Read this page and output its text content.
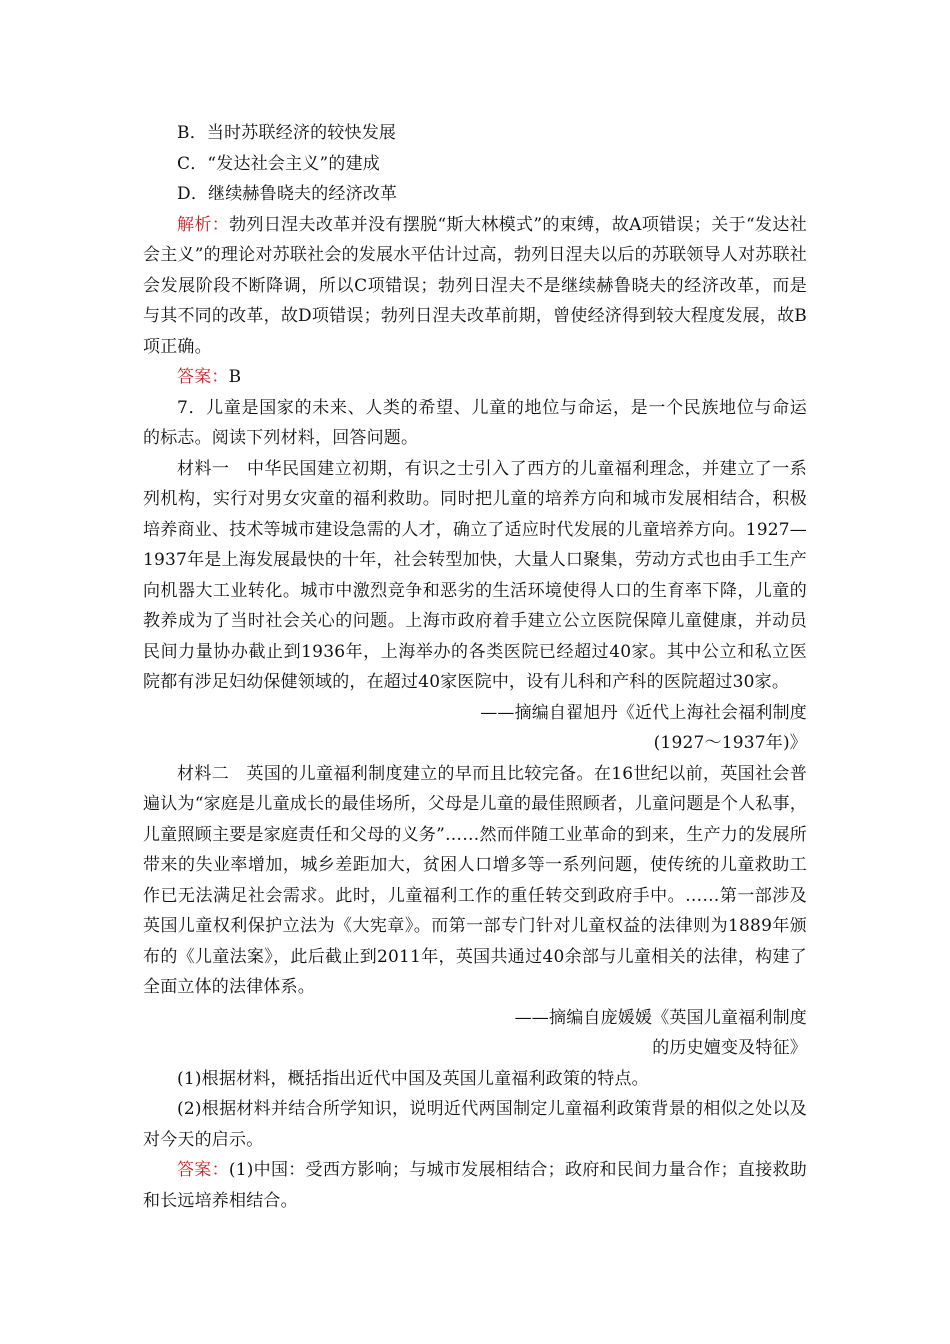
B．当时苏联经济的较快发展

C．“发达社会主义”的建成

D．继续赫鲁晓夫的经济改革

解析：勃列日涅夫改革并没有摆脱“斯大林模式”的束缚，故A项错误；关于“发达社会主义”的理论对苏联社会的发展水平估计过高，勃列日涅夫以后的苏联领导人对苏联社会发展阶段不断降调，所以C项错误；勃列日涅夫不是继续赫鲁晓夫的经济改革，而是与其不同的改革，故D项错误；勃列日涅夫改革前期，曾使经济得到较大程度发展，故B项正确。

答案：B

7．儿童是国家的未来、人类的希望、儿童的地位与命运，是一个民族地位与命运的标志。阅读下列材料，回答问题。

材料一　中华民国建立初期，有识之士引入了西方的儿童福利理念，并建立了一系列机构，实行对男女灾童的福利救助。同时把儿童的培养方向和城市发展相结合，积极培养商业、技术等城市建设急需的人才，确立了适应时代发展的儿童培养方向。1927—1937年是上海发展最快的十年，社会转型加快，大量人口聚集，劳动方式也由手工生产向机器大工业转化。城市中激烈竞争和恶劣的生活环境使得人口的生育率下降，儿童的教养成为了当时社会关心的问题。上海市政府着手建立公立医院保障儿童健康，并动员民间力量协办截止到1936年，上海举办的各类医院已经超过40家。其中公立和私立医院都有涉足妇幼保健领域的，在超过40家医院中，设有儿科和产科的医院超过30家。

——摘编自翟旭丹《近代上海社会福利制度

(1927～1937年)》

材料二　英国的儿童福利制度建立的早而且比较完备。在16世纪以前，英国社会普遍认为“家庭是儿童成长的最佳场所，父母是儿童的最佳照顾者，儿童问题是个人私事，儿童照顾主要是家庭责任和父母的义务”……然而伴随工业革命的到来，生产力的发展所带来的失业率增加，城乡差距加大，贫困人口增多等一系列问题，使传统的儿童救助工作已无法满足社会需求。此时，儿童福利工作的重任转交到政府手中。……第一部涉及英国儿童权利保护立法为《大宪章》。而第一部专门针对儿童权益的法律则为1889年颁布的《儿童法案》，此后截止到2011年，英国共通过40余部与儿童相关的法律，构建了全面立体的法律体系。

——摘编自庞媛媛《英国儿童福利制度

的历史嬗变及特征》

(1)根据材料，概括指出近代中国及英国儿童福利政策的特点。

(2)根据材料并结合所学知识，说明近代两国制定儿童福利政策背景的相似之处以及对今天的启示。

答案：(1)中国：受西方影响；与城市发展相结合；政府和民间力量合作；直接救助和长远培养相结合。
